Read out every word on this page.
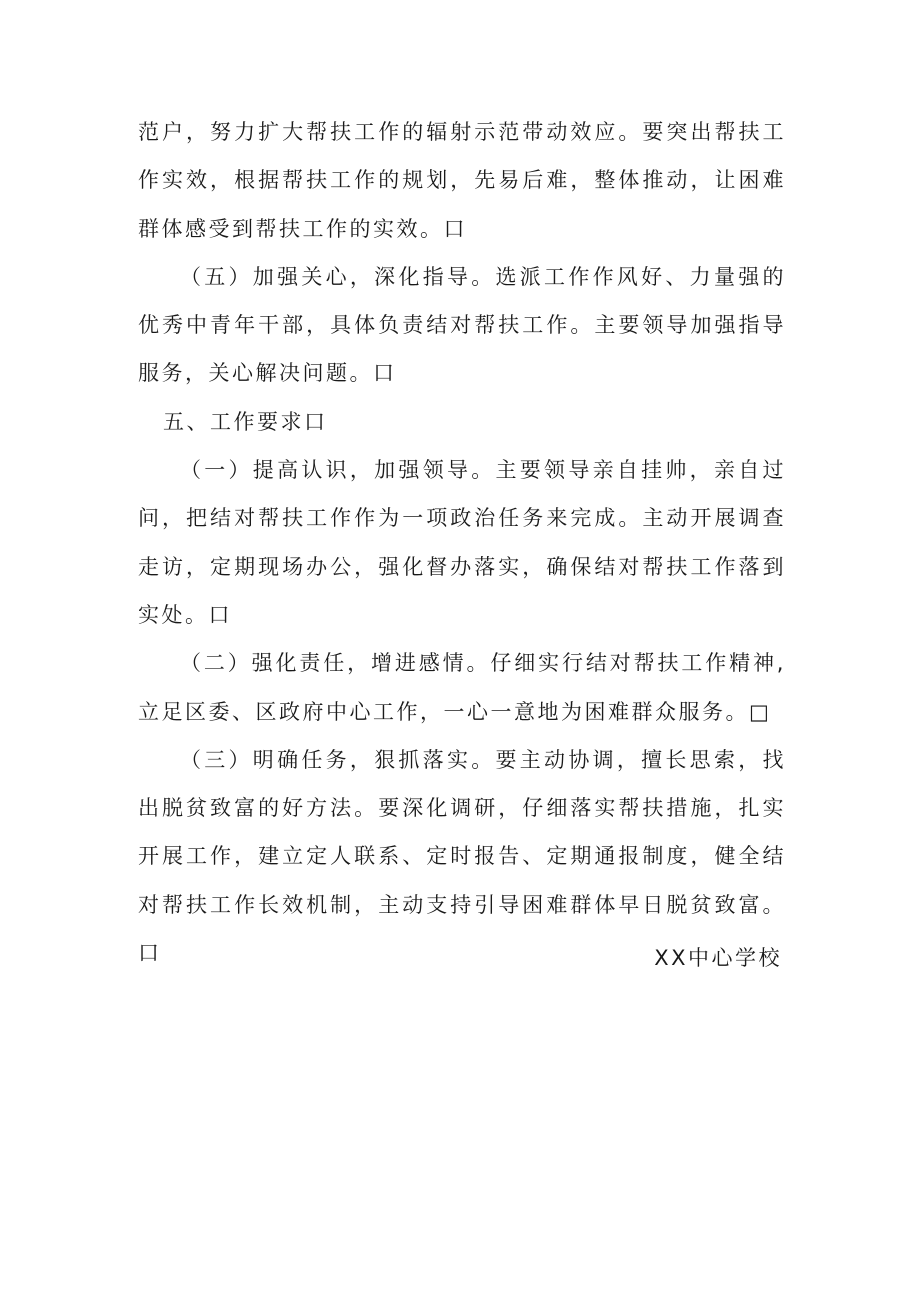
范户，努力扩大帮扶工作的辐射示范带动效应。要突出帮扶工作实效，根据帮扶工作的规划，先易后难，整体推动，让困难群体感受到帮扶工作的实效。口

（五）加强关心，深化指导。选派工作作风好、力量强的优秀中青年干部，具体负责结对帮扶工作。主要领导加强指导服务，关心解决问题。口

五、工作要求口

（一）提高认识，加强领导。主要领导亲自挂帅，亲自过问，把结对帮扶工作作为一项政治任务来完成。主动开展调查走访，定期现场办公，强化督办落实，确保结对帮扶工作落到实处。口

（二）强化责任，增进感情。仔细实行结对帮扶工作精神,立足区委、区政府中心工作，一心一意地为困难群众服务。□

（三）明确任务，狠抓落实。要主动协调，擅长思索，找出脱贫致富的好方法。要深化调研，仔细落实帮扶措施，扎实开展工作，建立定人联系、定时报告、定期通报制度，健全结对帮扶工作长效机制，主动支持引导困难群体早日脱贫致富。口	XX中心学校
